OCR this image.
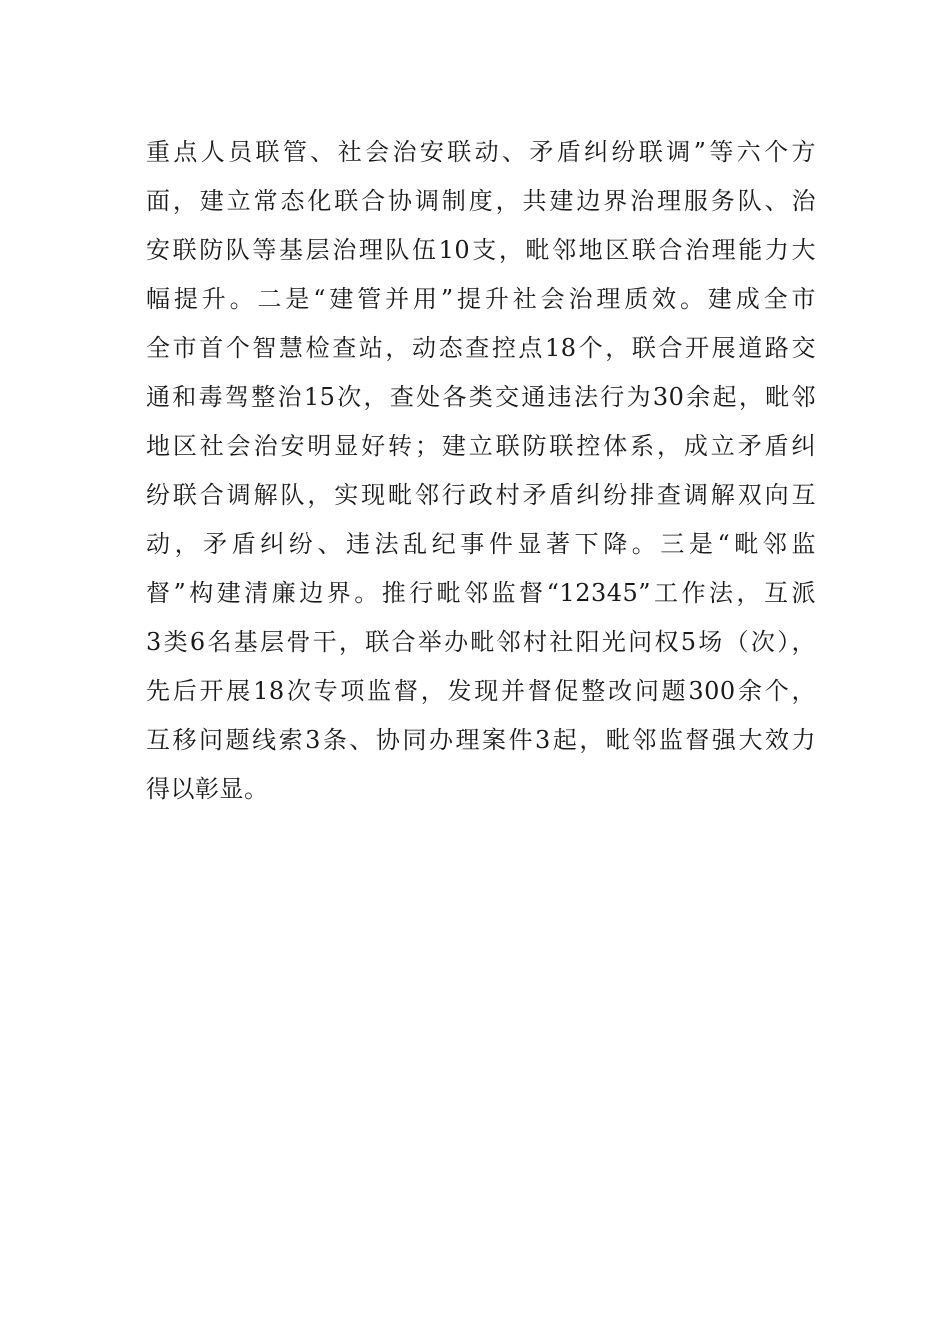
重点人员联管、社会治安联动、矛盾纠纷联调”等六个方
面，建立常态化联合协调制度，共建边界治理服务队、治
安联防队等基层治理队伍10支，毗邻地区联合治理能力大
幅提升。二是“建管并用”提升社会治理质效。建成全市
全市首个智慧检查站，动态查控点18个，联合开展道路交
通和毒驾整治15次，查处各类交通违法行为30余起，毗邻
地区社会治安明显好转；建立联防联控体系，成立矛盾纠
纷联合调解队，实现毗邻行政村矛盾纠纷排查调解双向互
动，矛盾纠纷、违法乱纪事件显著下降。三是“毗邻监
督”构建清廉边界。推行毗邻监督“12345”工作法，互派
3类6名基层骨干，联合举办毗邻村社阳光问权5场（次），
先后开展18次专项监督，发现并督促整改问题300余个，
互移问题线索3条、协同办理案件3起，毗邻监督强大效力
得以彰显。
